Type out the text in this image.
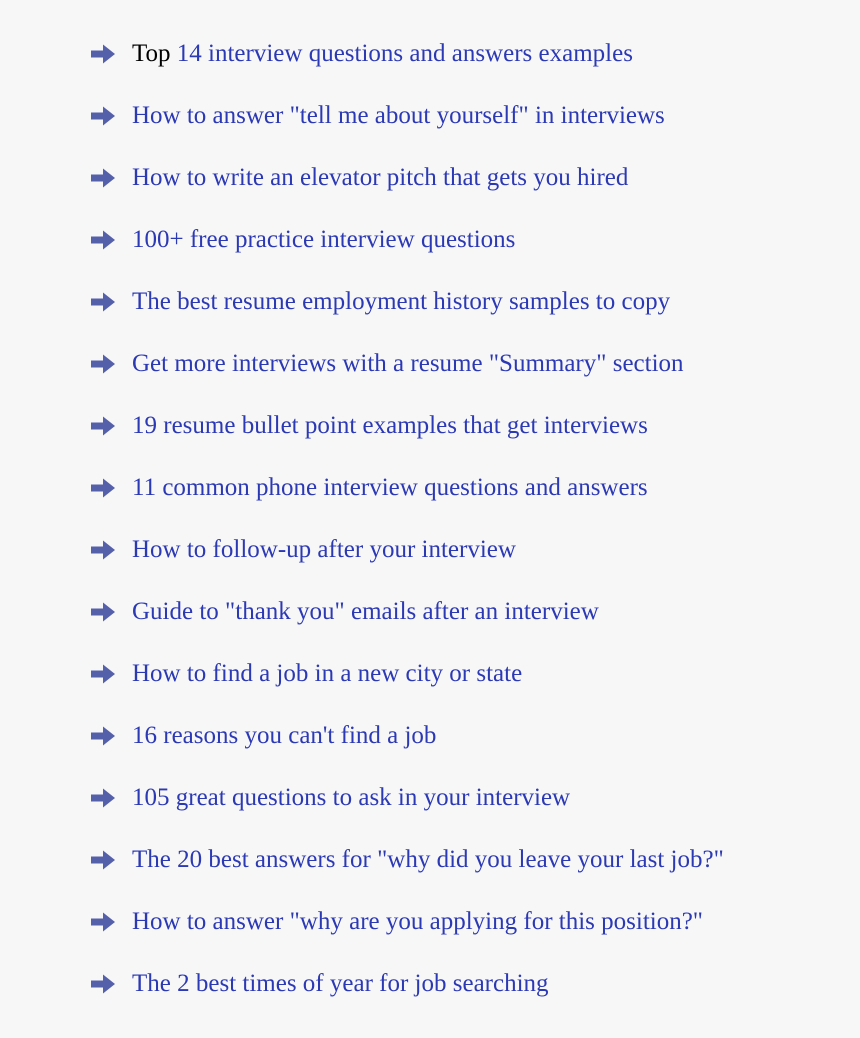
Top 14 interview questions and answers examples
How to answer "tell me about yourself" in interviews
How to write an elevator pitch that gets you hired
100+ free practice interview questions
The best resume employment history samples to copy
Get more interviews with a resume "Summary" section
19 resume bullet point examples that get interviews
11 common phone interview questions and answers
How to follow-up after your interview
Guide to "thank you" emails after an interview
How to find a job in a new city or state
16 reasons you can't find a job
105 great questions to ask in your interview
The 20 best answers for "why did you leave your last job?"
How to answer "why are you applying for this position?"
The 2 best times of year for job searching
